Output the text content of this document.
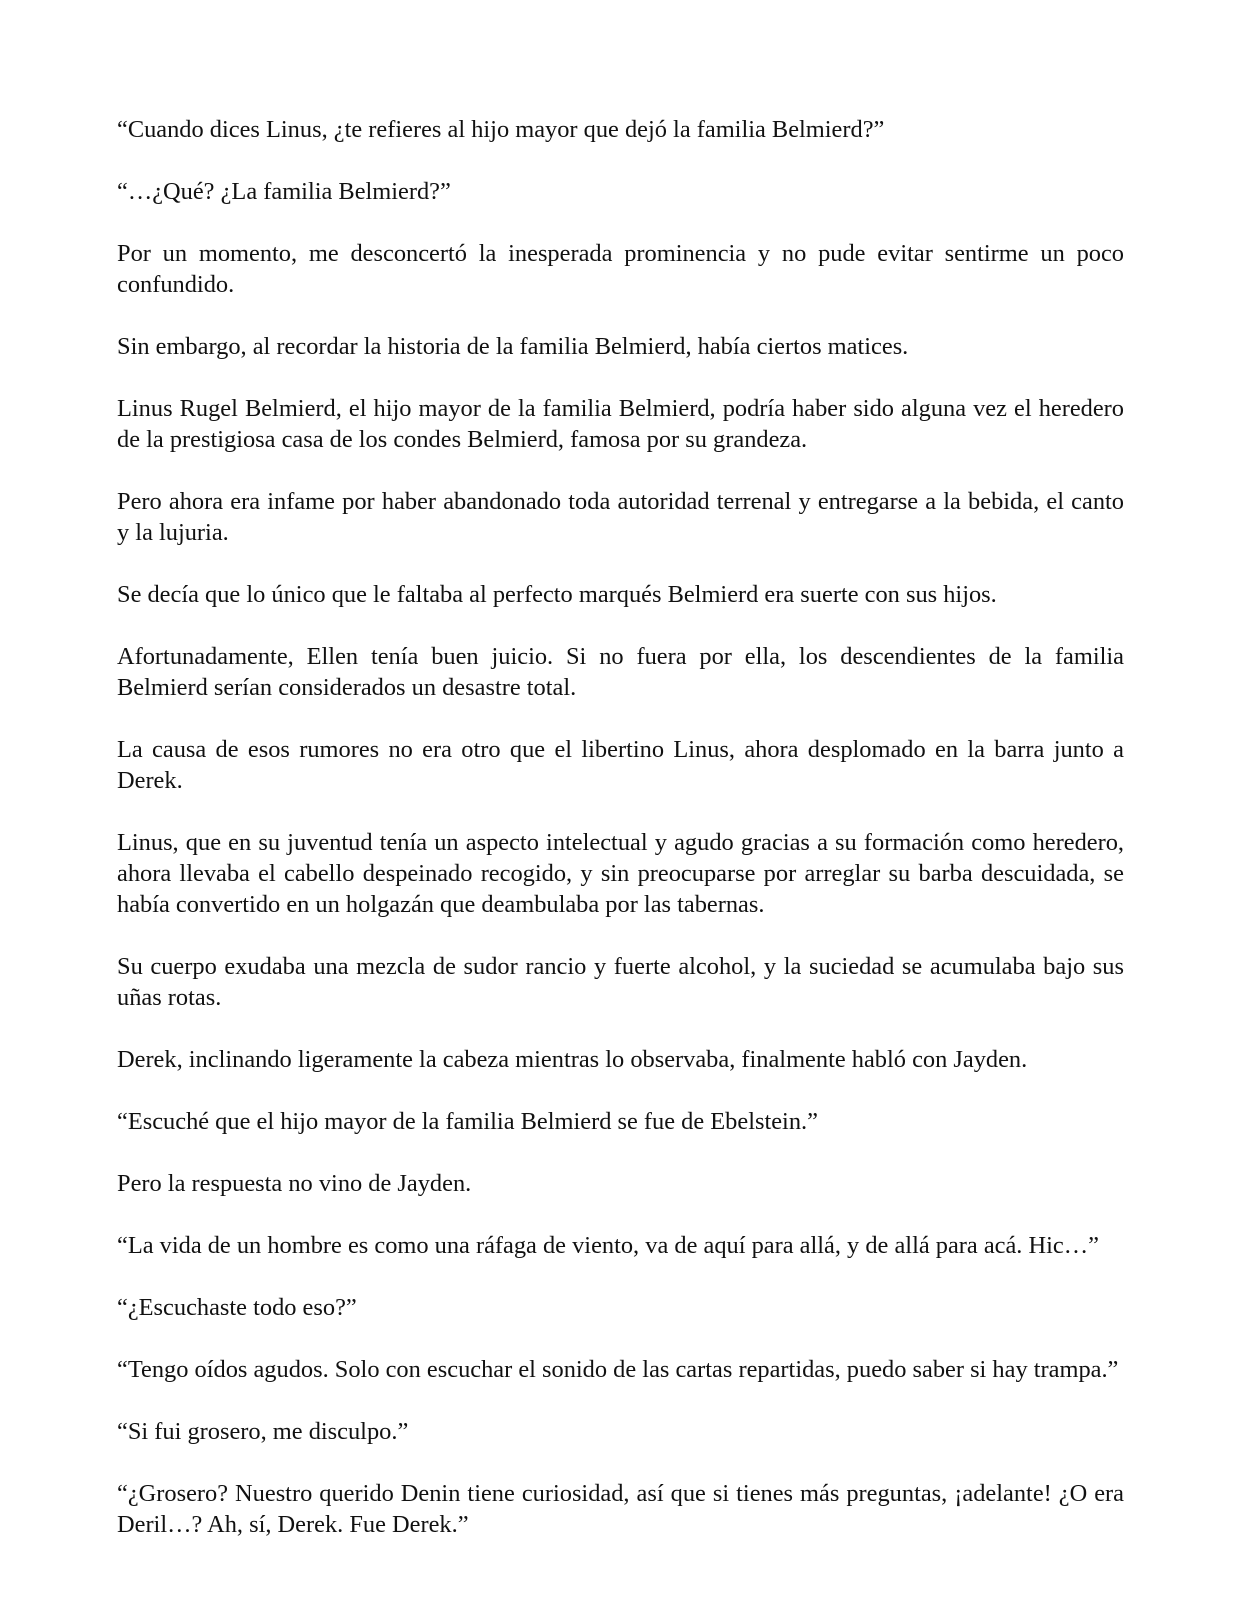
“Cuando dices Linus, ¿te refieres al hijo mayor que dejó la familia Belmierd?”

“…¿Qué? ¿La familia Belmierd?”

Por un momento, me desconcertó la inesperada prominencia y no pude evitar sentirme un poco confundido.

Sin embargo, al recordar la historia de la familia Belmierd, había ciertos matices.

Linus Rugel Belmierd, el hijo mayor de la familia Belmierd, podría haber sido alguna vez el heredero de la prestigiosa casa de los condes Belmierd, famosa por su grandeza.

Pero ahora era infame por haber abandonado toda autoridad terrenal y entregarse a la bebida, el canto y la lujuria.

Se decía que lo único que le faltaba al perfecto marqués Belmierd era suerte con sus hijos.

Afortunadamente, Ellen tenía buen juicio. Si no fuera por ella, los descendientes de la familia Belmierd serían considerados un desastre total.

La causa de esos rumores no era otro que el libertino Linus, ahora desplomado en la barra junto a Derek.

Linus, que en su juventud tenía un aspecto intelectual y agudo gracias a su formación como heredero, ahora llevaba el cabello despeinado recogido, y sin preocuparse por arreglar su barba descuidada, se había convertido en un holgazán que deambulaba por las tabernas.

Su cuerpo exudaba una mezcla de sudor rancio y fuerte alcohol, y la suciedad se acumulaba bajo sus uñas rotas.

Derek, inclinando ligeramente la cabeza mientras lo observaba, finalmente habló con Jayden.

“Escuché que el hijo mayor de la familia Belmierd se fue de Ebelstein.”

Pero la respuesta no vino de Jayden.

“La vida de un hombre es como una ráfaga de viento, va de aquí para allá, y de allá para acá. Hic…”

“¿Escuchaste todo eso?”

“Tengo oídos agudos. Solo con escuchar el sonido de las cartas repartidas, puedo saber si hay trampa.”

“Si fui grosero, me disculpo.”

“¿Grosero? Nuestro querido Denin tiene curiosidad, así que si tienes más preguntas, ¡adelante! ¿O era Deril…? Ah, sí, Derek. Fue Derek.”
